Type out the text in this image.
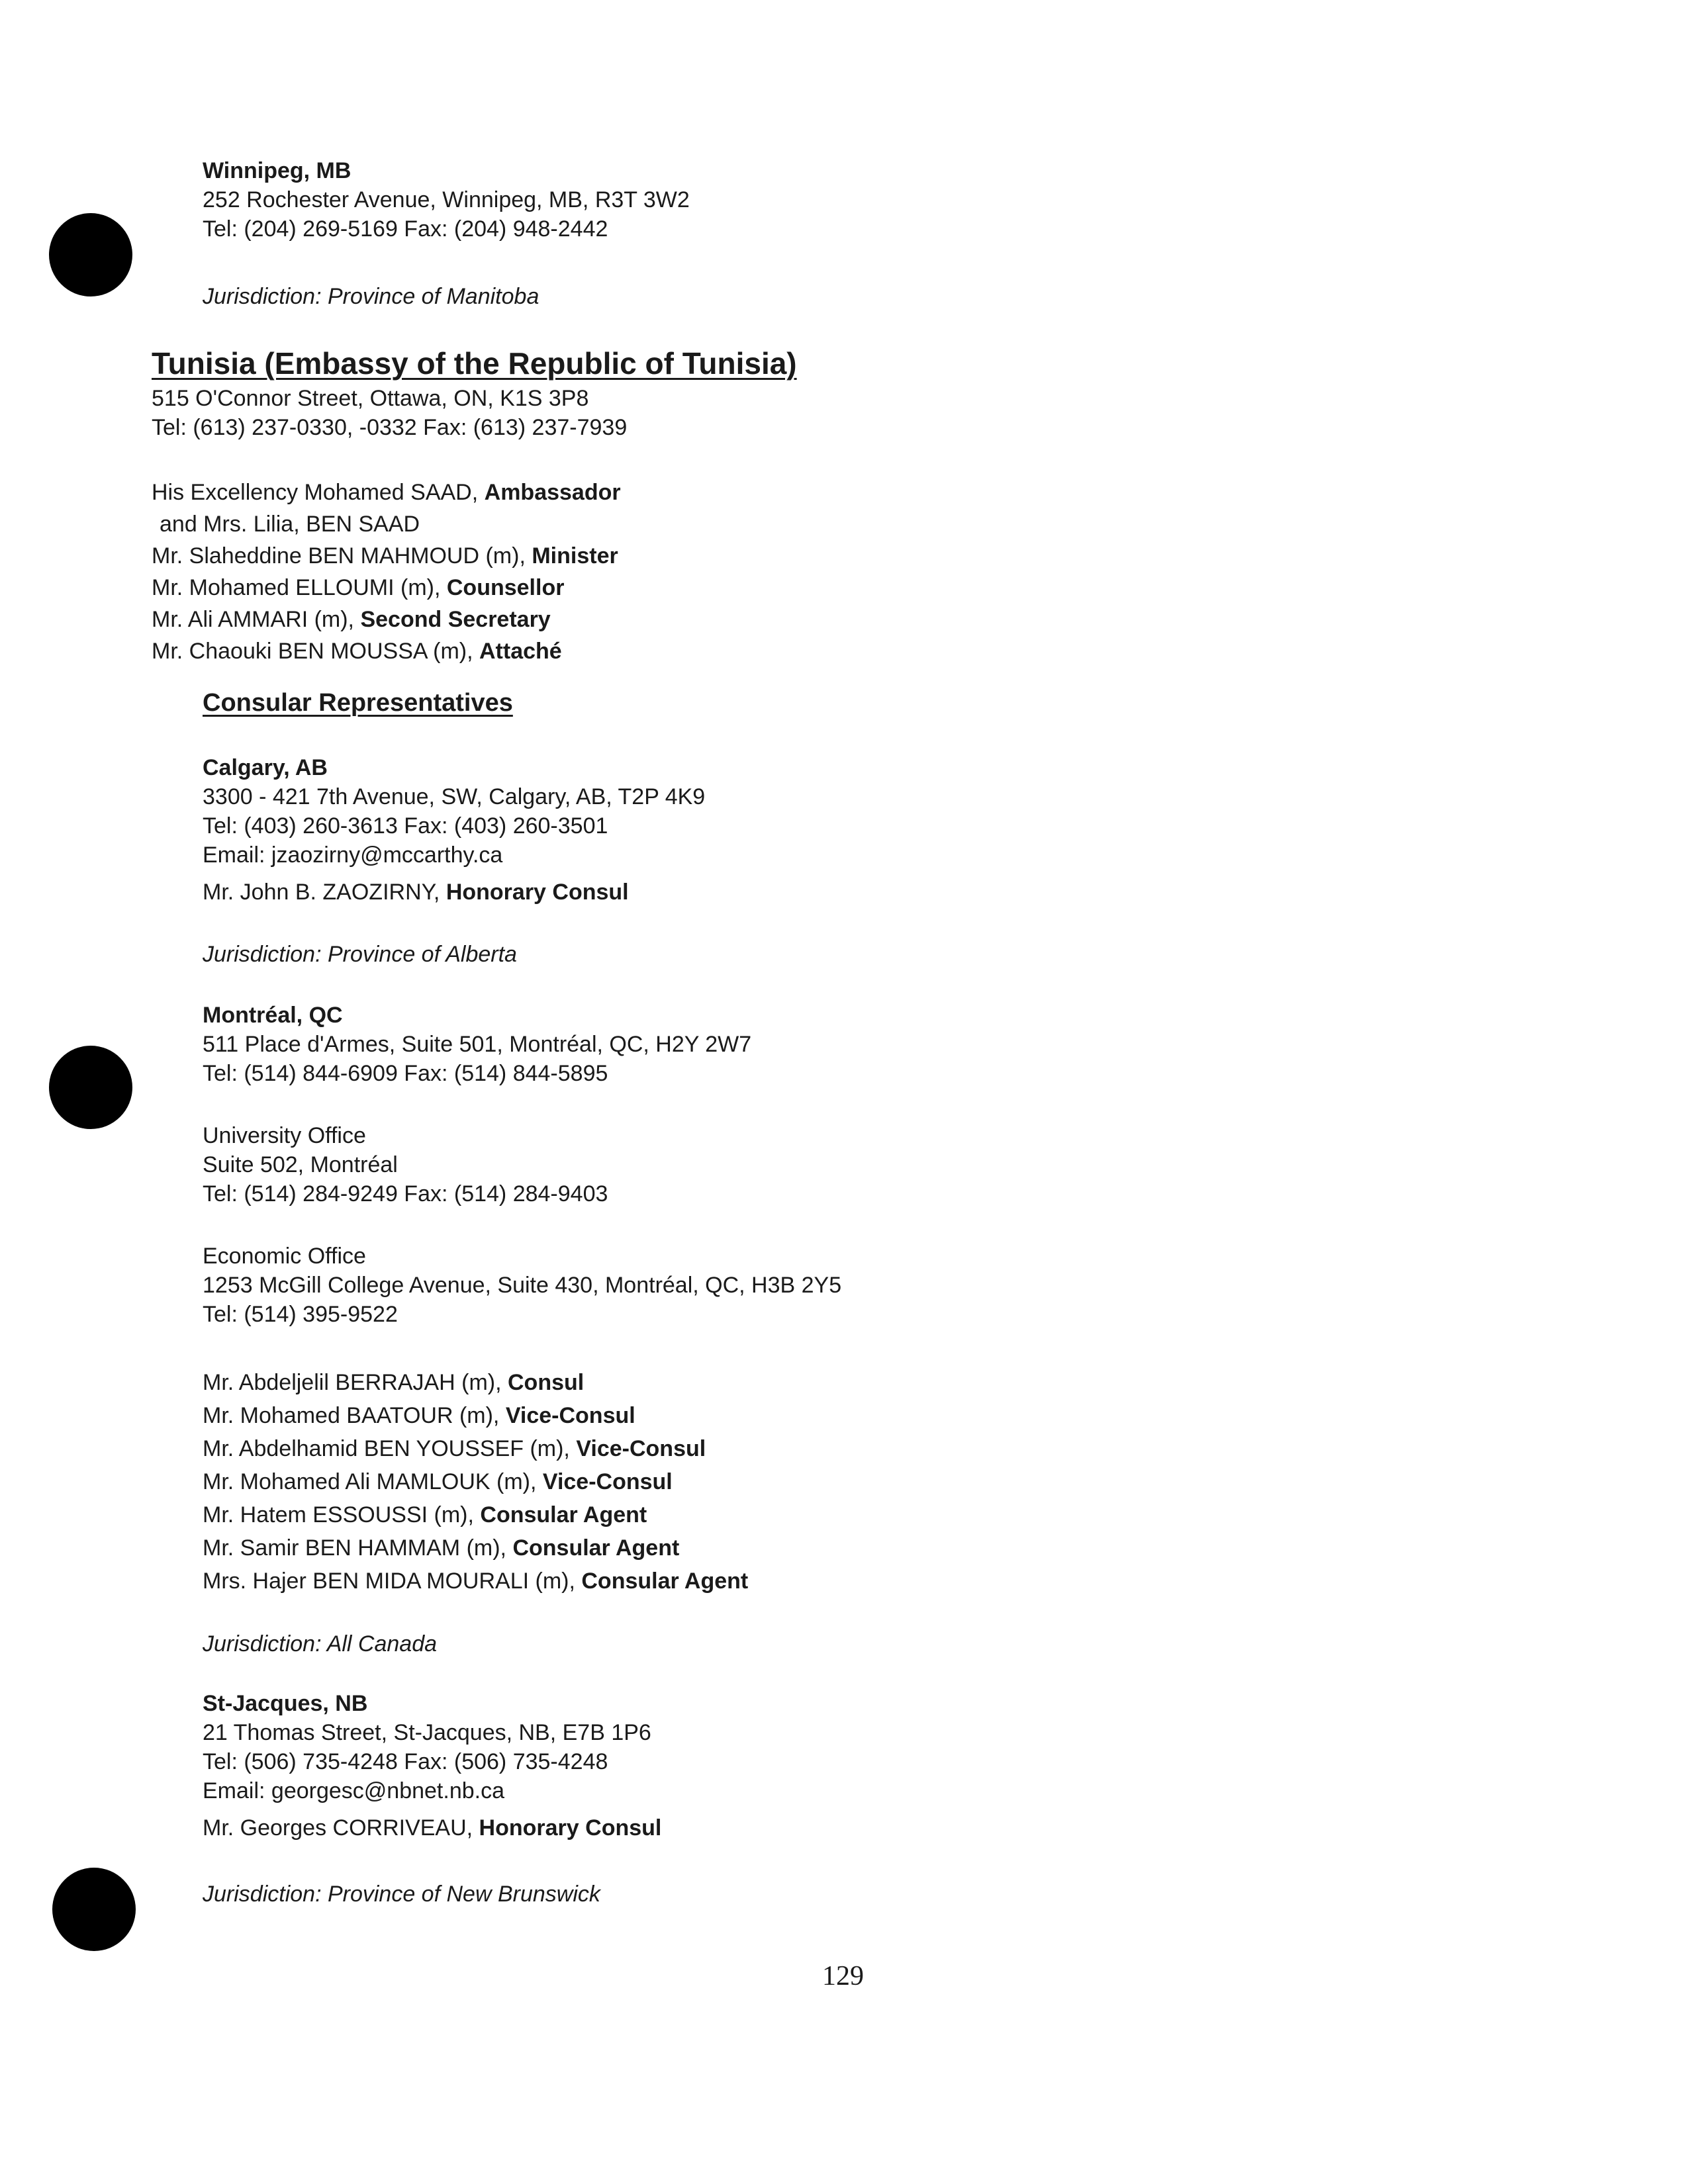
Winnipeg, MB
252 Rochester Avenue, Winnipeg, MB, R3T 3W2
Tel: (204) 269-5169 Fax: (204) 948-2442
Jurisdiction: Province of Manitoba
Tunisia (Embassy of the Republic of Tunisia)
515 O'Connor Street, Ottawa, ON, K1S 3P8
Tel: (613) 237-0330, -0332 Fax: (613) 237-7939
His Excellency Mohamed SAAD, Ambassador
and Mrs. Lilia, BEN SAAD
Mr. Slaheddine BEN MAHMOUD (m), Minister
Mr. Mohamed ELLOUMI (m), Counsellor
Mr. Ali AMMARI (m), Second Secretary
Mr. Chaouki BEN MOUSSA (m), Attaché
Consular Representatives
Calgary, AB
3300 - 421 7th Avenue, SW, Calgary, AB, T2P 4K9
Tel: (403) 260-3613 Fax: (403) 260-3501
Email: jzaozirny@mccarthy.ca
Mr. John B. ZAOZIRNY, Honorary Consul
Jurisdiction: Province of Alberta
Montréal, QC
511 Place d'Armes, Suite 501, Montréal, QC, H2Y 2W7
Tel: (514) 844-6909 Fax: (514) 844-5895
University Office
Suite 502, Montréal
Tel: (514) 284-9249 Fax: (514) 284-9403
Economic Office
1253 McGill College Avenue, Suite 430, Montréal, QC, H3B 2Y5
Tel: (514) 395-9522
Mr. Abdeljelil BERRAJAH (m), Consul
Mr. Mohamed BAATOUR (m), Vice-Consul
Mr. Abdelhamid BEN YOUSSEF (m), Vice-Consul
Mr. Mohamed Ali MAMLOUK (m), Vice-Consul
Mr. Hatem ESSOUSSI (m), Consular Agent
Mr. Samir BEN HAMMAM (m), Consular Agent
Mrs. Hajer BEN MIDA MOURALI (m), Consular Agent
Jurisdiction: All Canada
St-Jacques, NB
21 Thomas Street, St-Jacques, NB, E7B 1P6
Tel: (506) 735-4248 Fax: (506) 735-4248
Email: georgesc@nbnet.nb.ca
Mr. Georges CORRIVEAU, Honorary Consul
Jurisdiction: Province of New Brunswick
129
